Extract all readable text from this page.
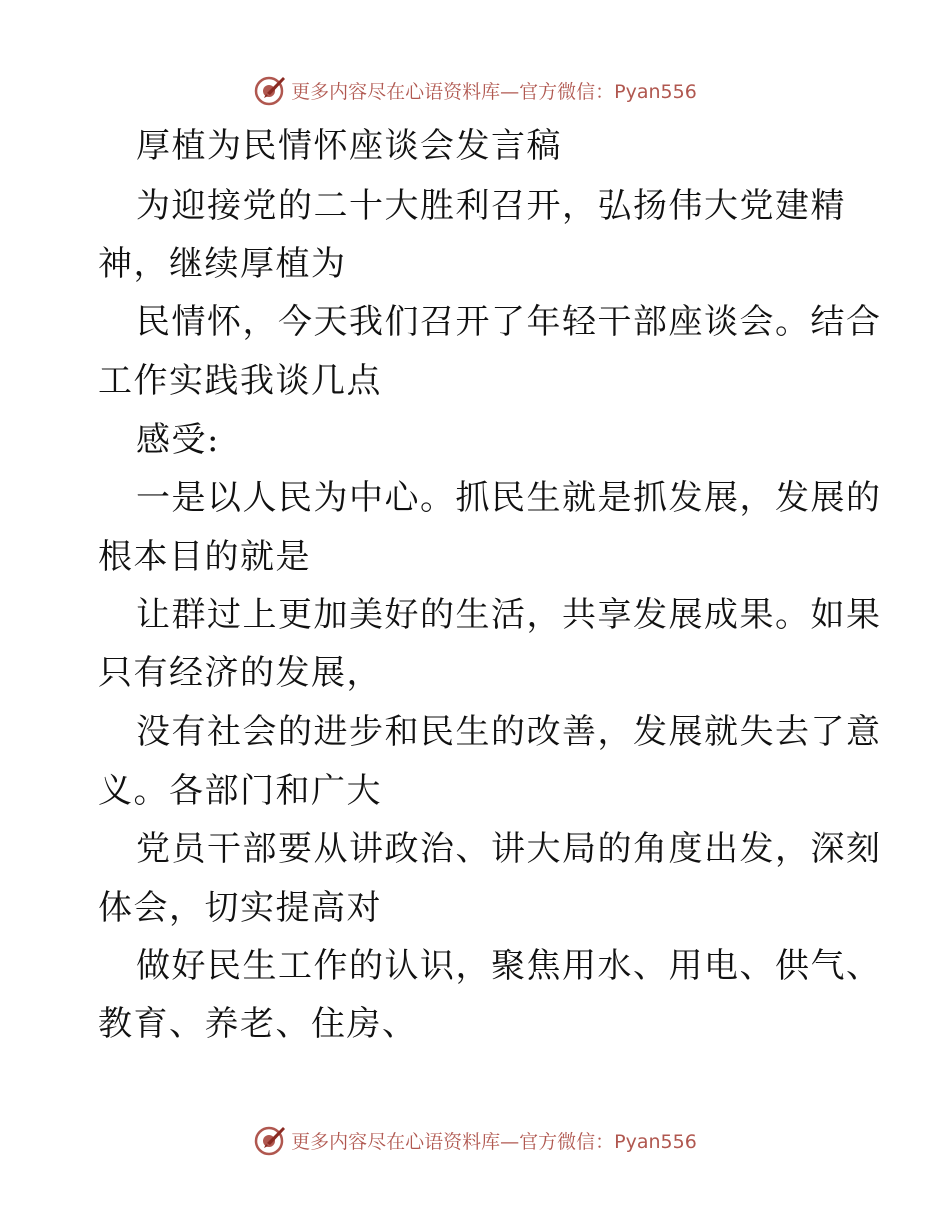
更多内容尽在心语资料库—官方微信：Pyan556
厚植为民情怀座谈会发言稿
为迎接党的二十大胜利召开，弘扬伟大党建精
神，继续厚植为
民情怀，今天我们召开了年轻干部座谈会。结合
工作实践我谈几点
感受:
一是以人民为中心。抓民生就是抓发展，发展的
根本目的就是
让群过上更加美好的生活，共享发展成果。如果
只有经济的发展，
没有社会的进步和民生的改善，发展就失去了意
义。各部门和广大
党员干部要从讲政治、讲大局的角度出发，深刻
体会，切实提高对
做好民生工作的认识，聚焦用水、用电、供气、
教育、养老、住房、
更多内容尽在心语资料库—官方微信：Pyan556
